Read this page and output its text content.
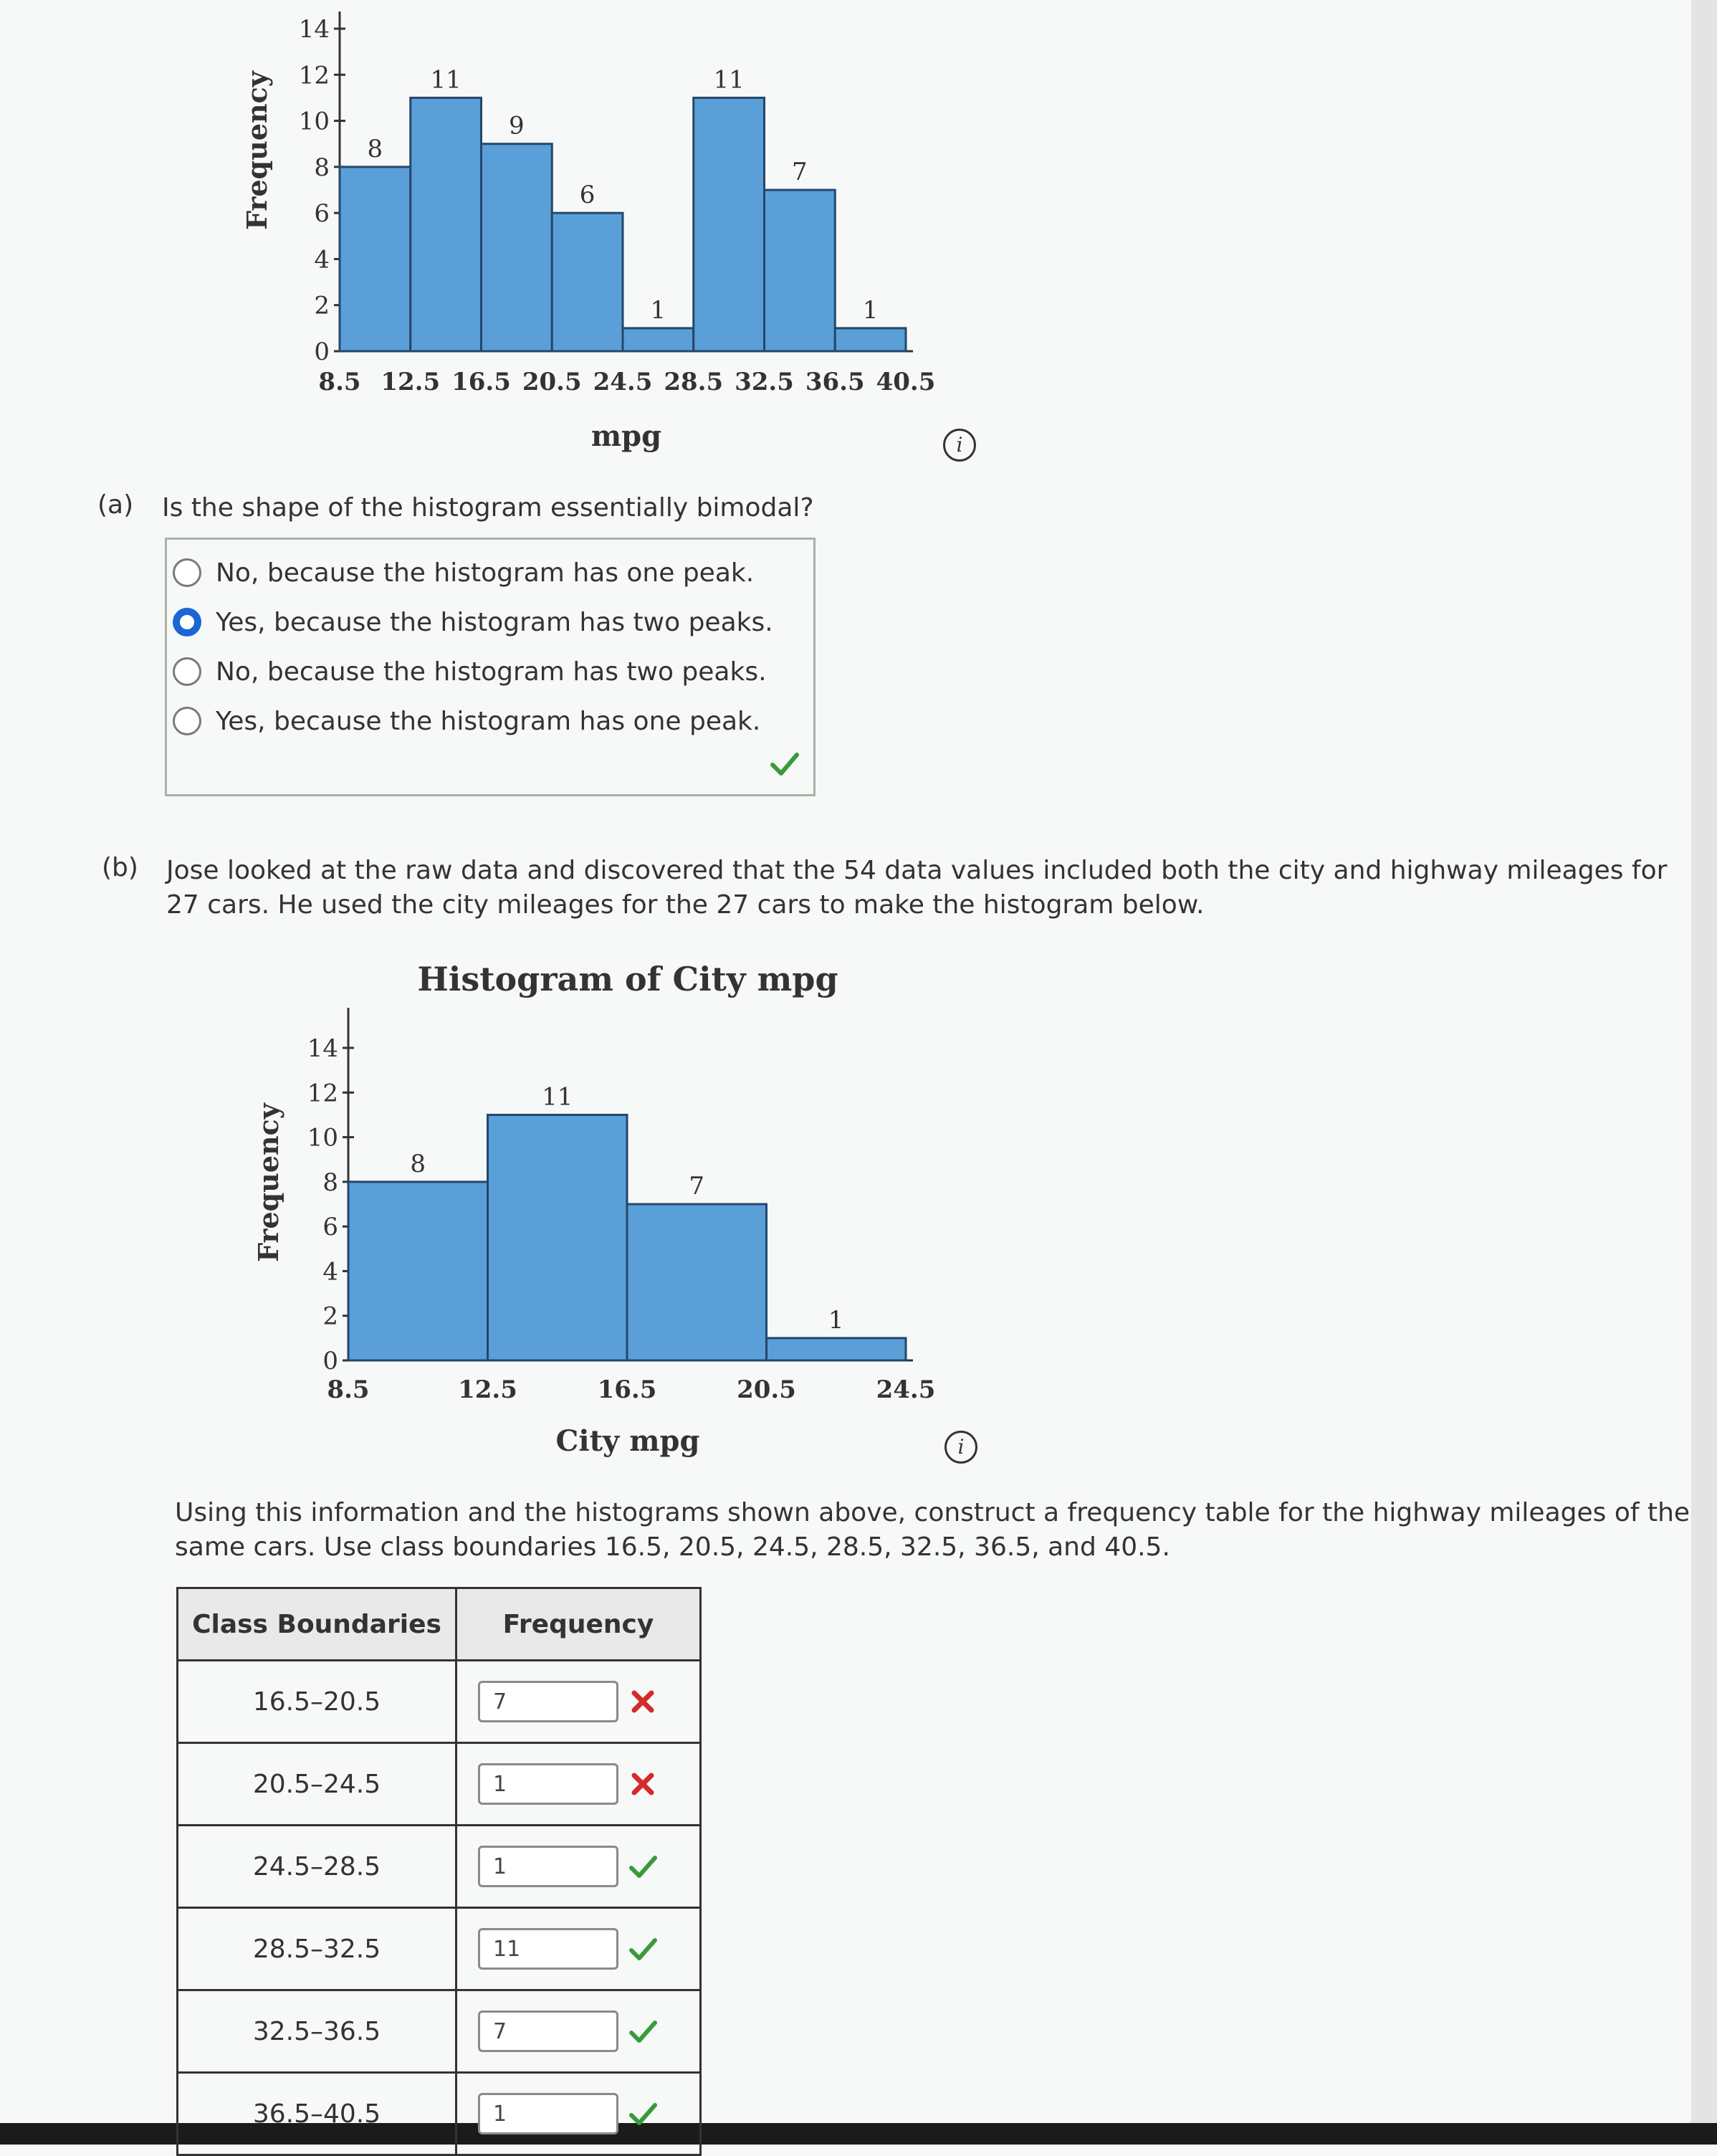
0
2
4
6
8
10
12
14
8
11
9
6
1
11
7
1
8.5 12.5 16.5 20.5 24.5 28.5 32.5 36.5 40.5
mpg
Frequency
i
(a) Is the shape of the histogram essentially bimodal?
No, because the histogram has one peak.
Yes, because the histogram has two peaks.
No, because the histogram has two peaks.
Yes, because the histogram has one peak.
(b) Jose looked at the raw data and discovered that the 54 data values included both the city and highway mileages for
27 cars. He used the city mileages for the 27 cars to make the histogram below.
0
2
4
6
8
10
12
14
8
11
7
1
8.5	12.5	16.5	20.5	24.5
City mpg
Frequency
Histogram of City mpg
i
Using this information and the histograms shown above, construct a frequency table for the highway mileages of the
same cars. Use class boundaries 16.5, 20.5, 24.5, 28.5, 32.5, 36.5, and 40.5.
Class Boundaries	Frequency
16.5–20.5	
7

20.5–24.5	
1

24.5–28.5	
1

28.5–32.5	
11

32.5–36.5	
7

36.5–40.5	
1
